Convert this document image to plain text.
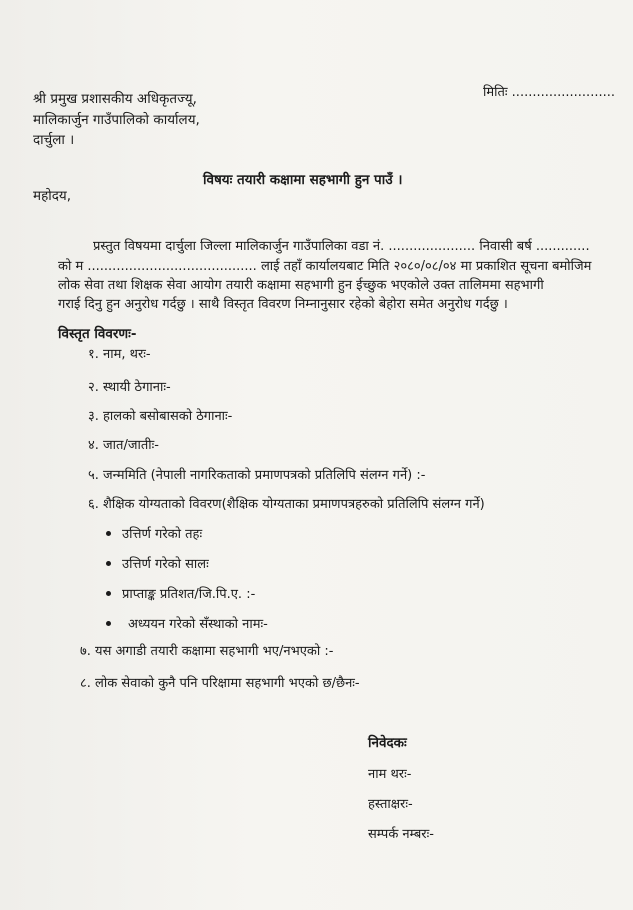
मितिः .........................
श्री प्रमुख प्रशासकीय अधिकृतज्यू,
मालिकार्जुन गाउँपालिको कार्यालय,
दार्चुला ।
विषयः तयारी कक्षामा सहभागी हुन पाउँ ।
महोदय,
प्रस्तुत विषयमा दार्चुला जिल्ला मालिकार्जुन गाउँपालिका वडा नं. ..................... निवासी बर्ष .............
को म ......................................... लाई तहाँ कार्यालयबाट मिति २०८०/०८/०४ मा प्रकाशित सूचना बमोजिम
लोक सेवा तथा शिक्षक सेवा आयोग तयारी कक्षामा सहभागी हुन ईच्छुक भएकोले उक्त तालिममा सहभागी
गराई दिनु हुन अनुरोध गर्दछु । साथै विस्तृत विवरण निम्नानुसार रहेको बेहोरा समेत अनुरोध गर्दछु ।
विस्तृत विवरणः-
१. नाम, थरः-
२. स्थायी ठेगानाः-
३. हालको बसोबासको ठेगानाः-
४. जात/जातीः-
५. जन्ममिति (नेपाली नागरिकताको प्रमाणपत्रको प्रतिलिपि संलग्न गर्ने) :-
६. शैक्षिक योग्यताको विवरण(शैक्षिक योग्यताका प्रमाणपत्रहरुको प्रतिलिपि संलग्न गर्ने)
उत्तिर्ण गरेको तहः
उत्तिर्ण गरेको सालः
प्राप्ताङ्क प्रतिशत/जि.पि.ए. :-
अध्ययन गरेको सँस्थाको नामः-
७. यस अगाडी तयारी कक्षामा सहभागी भए/नभएको :-
८. लोक सेवाको कुनै पनि परिक्षामा सहभागी भएको छ/छैनः-
निवेदकः
नाम थरः-
हस्ताक्षरः-
सम्पर्क नम्बरः-
